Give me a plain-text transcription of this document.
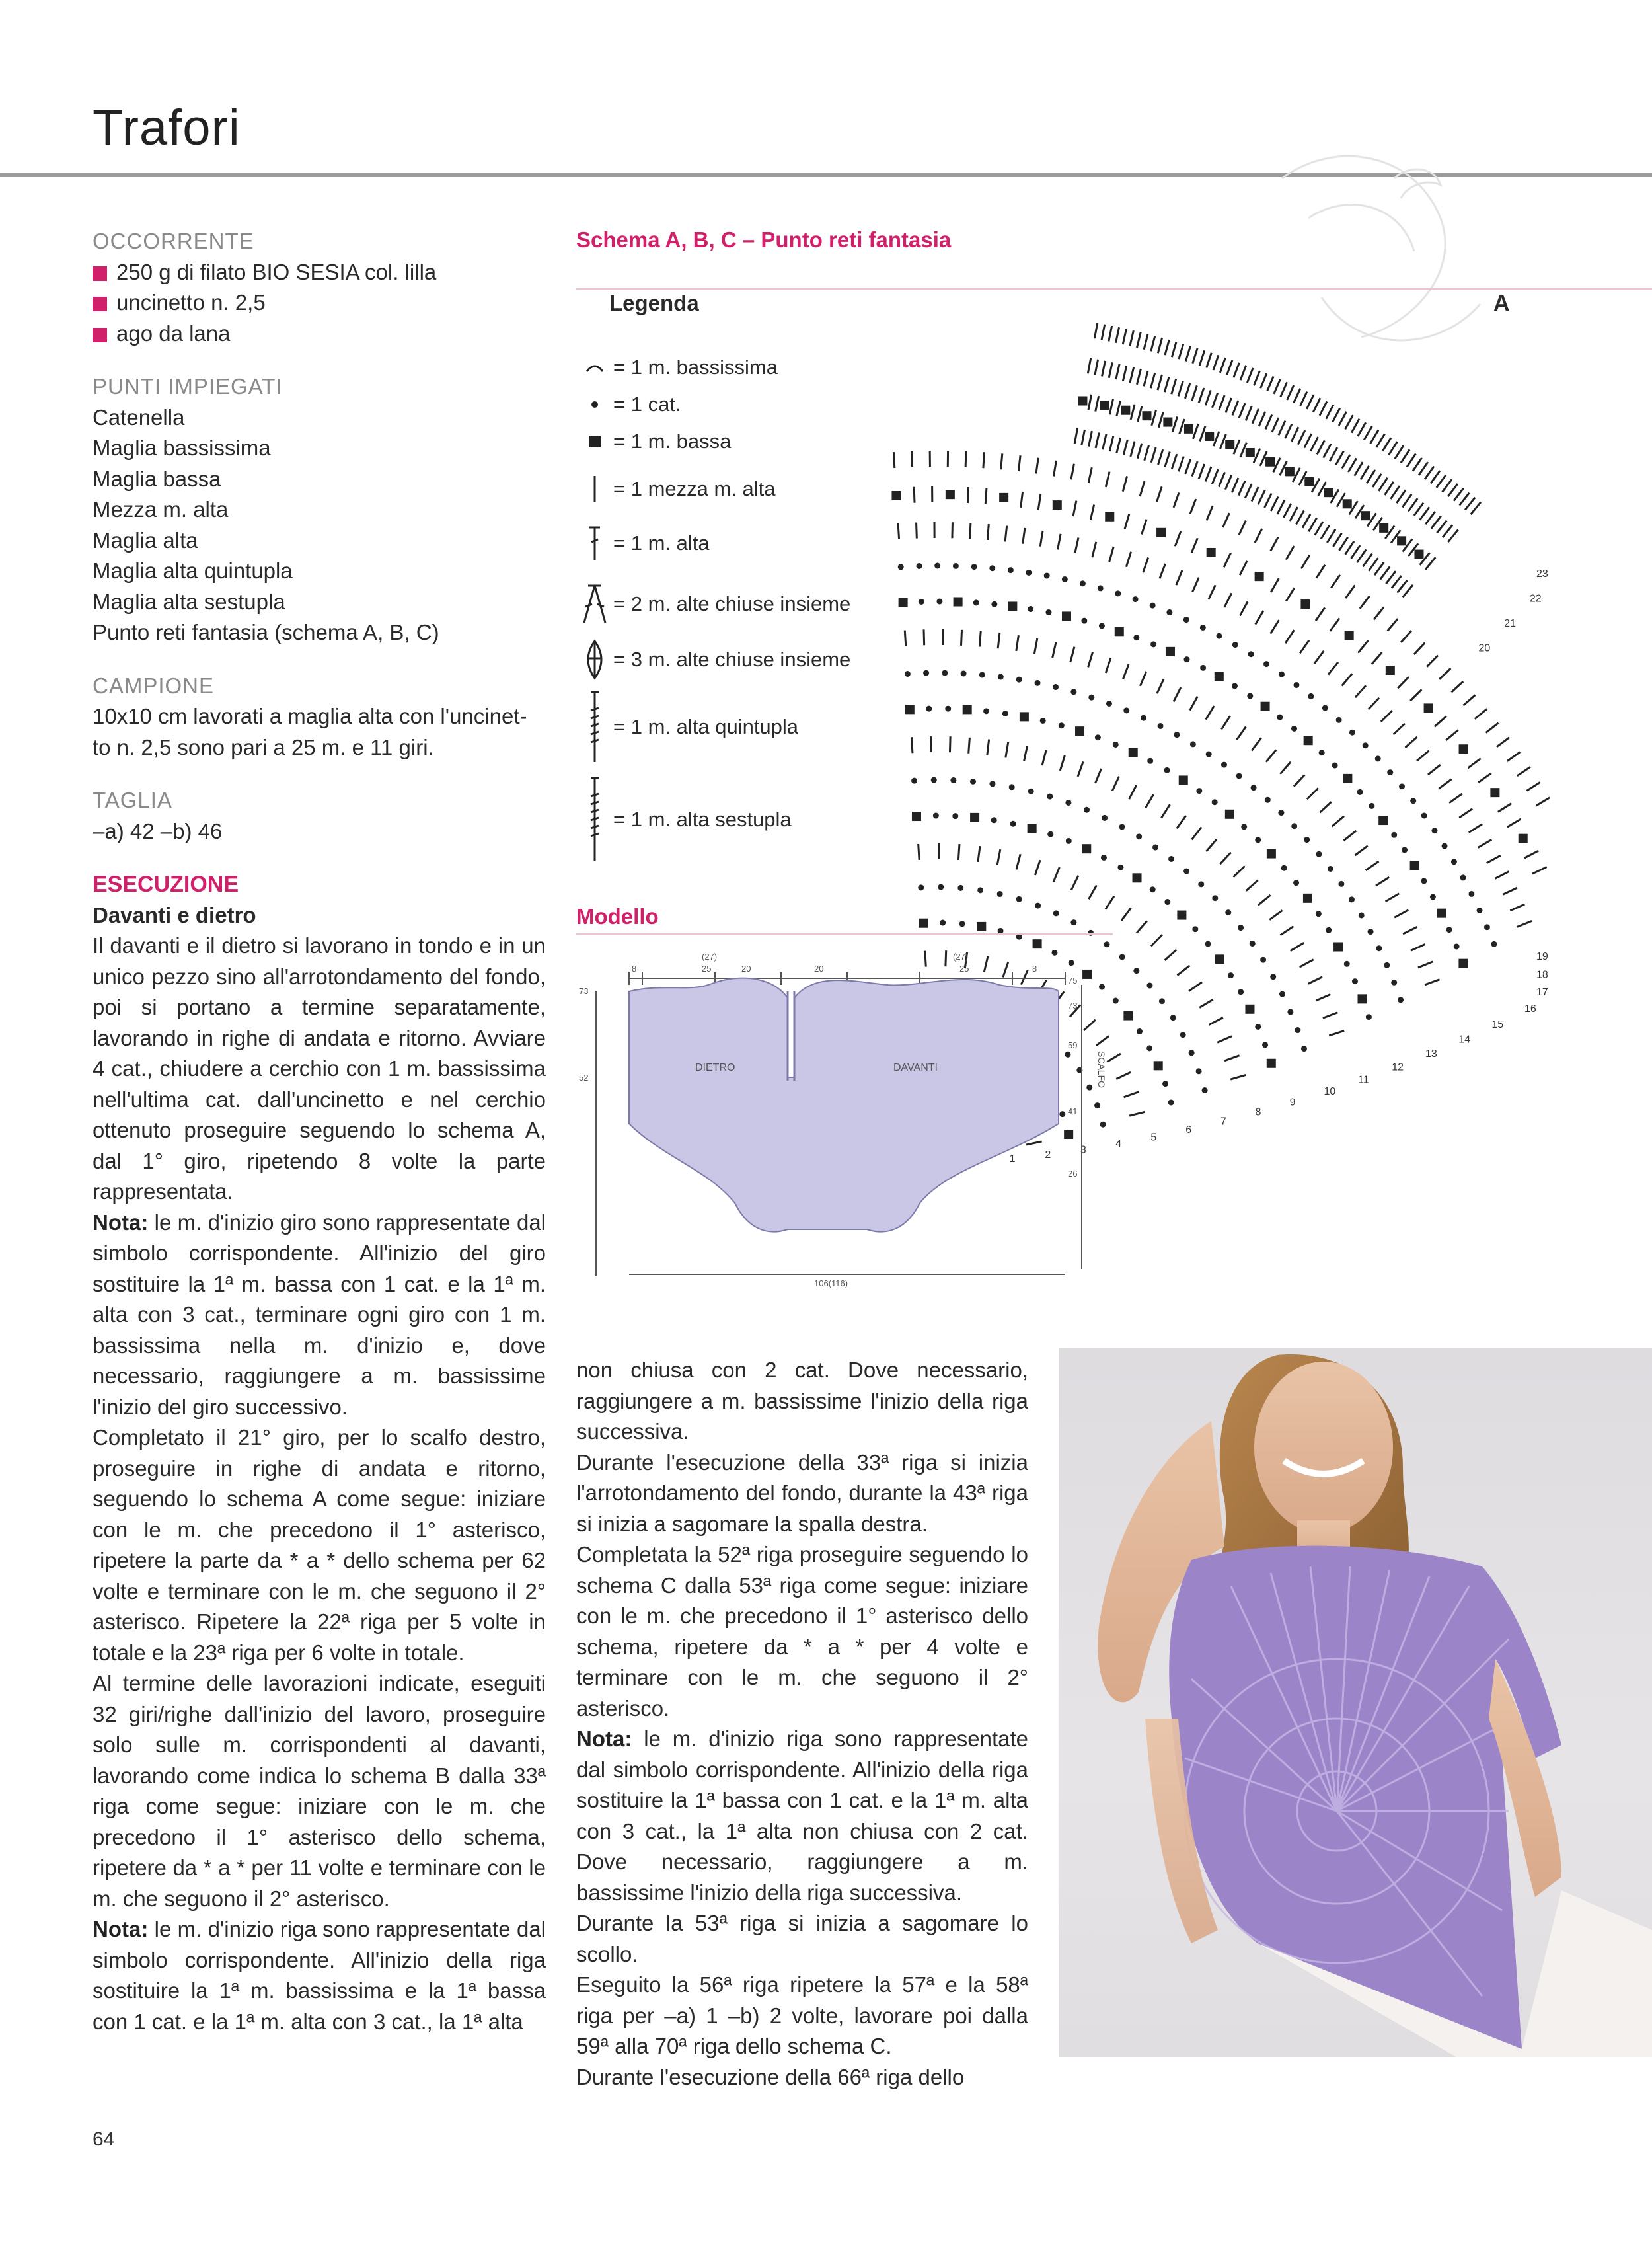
Trafori
OCCORRENTE
250 g di filato BIO SESIA col. lilla
uncinetto n. 2,5
ago da lana
PUNTI IMPIEGATI
Catenella
Maglia bassissima
Maglia bassa
Mezza m. alta
Maglia alta
Maglia alta quintupla
Maglia alta sestupla
Punto reti fantasia (schema A, B, C)
CAMPIONE
10x10 cm lavorati a maglia alta con l'uncinet-
to n. 2,5 sono pari a 25 m. e 11 giri.
TAGLIA
–a) 42 –b) 46
ESECUZIONE
Davanti e dietro
Il davanti e il dietro si lavorano in tondo e in un unico pezzo sino all'arrotondamento del fondo, poi si portano a termine separatamente, lavorando in righe di andata e ritorno. Avviare 4 cat., chiudere a cerchio con 1 m. bassissima nell'ultima cat. dall'uncinetto e nel cerchio ottenuto proseguire seguendo lo schema A, dal 1° giro, ripetendo 8 volte la parte rappresentata.
Nota: le m. d'inizio giro sono rappresentate dal simbolo corrispondente. All'inizio del giro sostituire la 1ª m. bassa con 1 cat. e la 1ª m. alta con 3 cat., terminare ogni giro con 1 m. bassissima nella m. d'inizio e, dove necessario, raggiungere a m. bassissime l'inizio del giro successivo.
Completato il 21° giro, per lo scalfo destro, proseguire in righe di andata e ritorno, seguendo lo schema A come segue: iniziare con le m. che precedono il 1° asterisco, ripetere la parte da * a * dello schema per 62 volte e terminare con le m. che seguono il 2° asterisco. Ripetere la 22ª riga per 5 volte in totale e la 23ª riga per 6 volte in totale.
Al termine delle lavorazioni indicate, eseguiti 32 giri/righe dall'inizio del lavoro, proseguire solo sulle m. corrispondenti al davanti, lavorando come indica lo schema B dalla 33ª riga come segue: iniziare con le m. che precedono il 1° asterisco dello schema, ripetere da * a * per 11 volte e terminare con le m. che seguono il 2° asterisco.
Nota: le m. d'inizio riga sono rappresentate dal simbolo corrispondente. All'inizio della riga sostituire la 1ª m. bassissima e la 1ª bassa con 1 cat. e la 1ª m. alta con 3 cat., la 1ª alta
Schema A, B, C – Punto reti fantasia
Legenda	A
= 1 m. bassissima
= 1 cat.
= 1 m. bassa
= 1 mezza m. alta
= 1 m. alta
= 2 m. alte chiuse insieme
= 3 m. alte chiuse insieme
= 1 m. alta quintupla
= 1 m. alta sestupla
23
22
21
20
19
18
17
16
15
14
13
12
11
10
9
8
7
6
5
4
3
2
1
Modello
DIETRO	DAVANTI	SCALFO
8
(27)
25	20	20
(27)
25	8
73
52
75
73
59
41
26
106(116)
non chiusa con 2 cat. Dove necessario, raggiungere a m. bassissime l'inizio della riga successiva.
Durante l'esecuzione della 33ª riga si inizia l'arrotondamento del fondo, durante la 43ª riga si inizia a sagomare la spalla destra.
Completata la 52ª riga proseguire seguendo lo schema C dalla 53ª riga come segue: iniziare con le m. che precedono il 1° asterisco dello schema, ripetere da * a * per 4 volte e terminare con le m. che seguono il 2° asterisco.
Nota: le m. d'inizio riga sono rappresentate dal simbolo corrispondente. All'inizio della riga sostituire la 1ª bassa con 1 cat. e la 1ª m. alta con 3 cat., la 1ª alta non chiusa con 2 cat. Dove necessario, raggiungere a m. bassissime l'inizio della riga successiva.
Durante la 53ª riga si inizia a sagomare lo scollo.
Eseguito la 56ª riga ripetere la 57ª e la 58ª riga per –a) 1 –b) 2 volte, lavorare poi dalla 59ª alla 70ª riga dello schema C.
Durante l'esecuzione della 66ª riga dello
64
